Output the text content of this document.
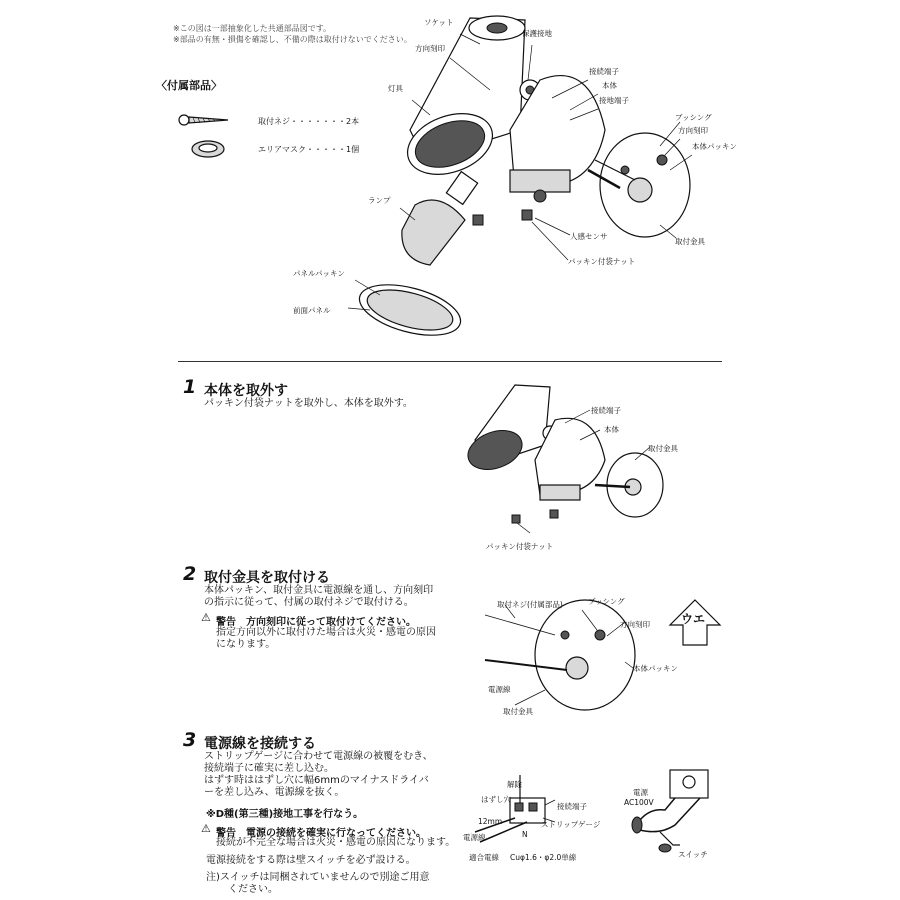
※この図は一部抽象化した共通部品図です。
※部品の有無・損傷を確認し、不備の際は取付けないでください。
〈付属部品〉
取付ネジ・・・・・・・2本
エリアマスク・・・・・1個
ソケット
方向刻印
保護接地
接続端子
本体
接地端子
灯具
ブッシング
方向刻印
本体パッキン
ランプ
人感センサ
取付金具
パッキン付袋ナット
パネルパッキン
前面パネル
1 本体を取外す
パッキン付袋ナットを取外し、本体を取外す。
接続端子
本体
取付金具
パッキン付袋ナット
2 取付金具を取付ける
本体パッキン、取付金具に電源線を通し、方向刻印
の指示に従って、付属の取付ネジで取付ける。
⚠ 警告　方向刻印に従って取付けてください。
指定方向以外に取付けた場合は火災・感電の原因
になります。
取付ネジ(付属部品)	ブッシング
方向刻印	ウエ
本体パッキン
電源線
取付金具
3 電源線を接続する
ストリップゲージに合わせて電源線の被覆をむき、
接続端子に確実に差し込む。
はずす時ははずし穴に幅6mmのマイナスドライバ
ーを差し込み、電源線を抜く。
※D種(第三種)接地工事を行なう。
⚠ 警告　電源の接続を確実に行なってください。
接続が不完全な場合は火災・感電の原因になります。
電源接続をする際は壁スイッチを必ず設ける。
注)スイッチは同梱されていませんので別途ご用意
ください。
解除
はずし穴
接続端子
12mm	ストリップゲージ
電源線	N
適合電線 Cuφ1.6・φ2.0単線
電源
AC100V
スイッチ
